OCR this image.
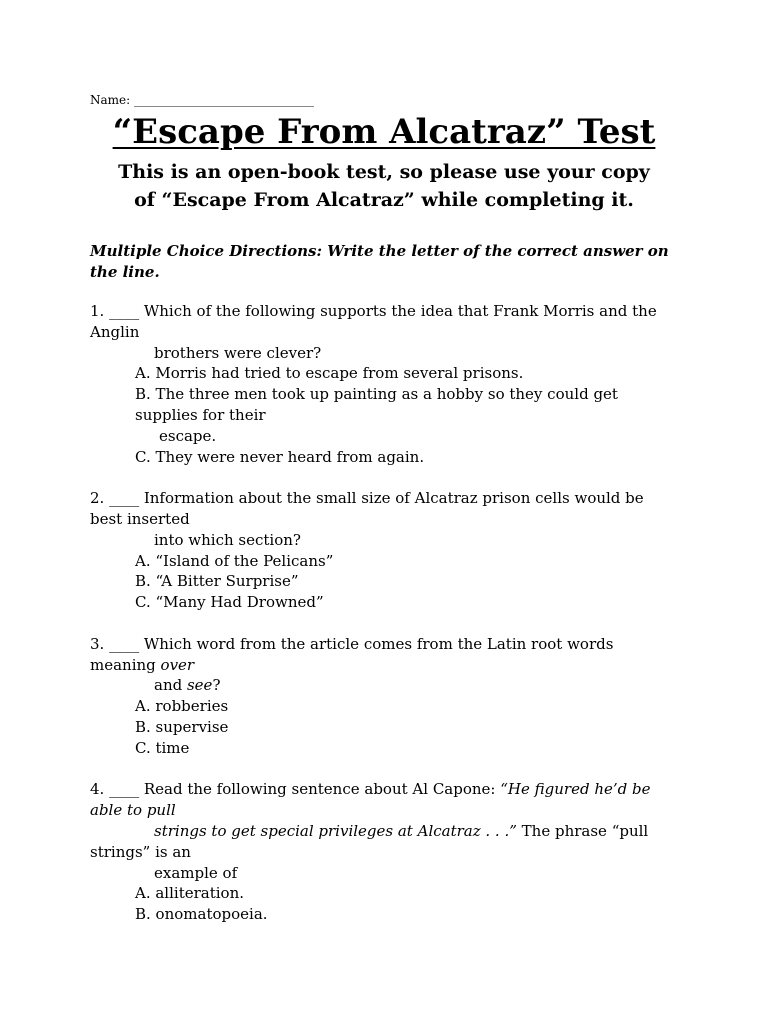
Name: ______________________________
“Escape From Alcatraz” Test
This is an open-book test, so please use your copy
of “Escape From Alcatraz” while completing it.
Multiple Choice Directions: Write the letter of the correct answer on
the line.

1. ____ Which of the following supports the idea that Frank Morris and the Anglin

brothers were clever?

A. Morris had tried to escape from several prisons.

B. The three men took up painting as a hobby so they could get supplies for their

escape.

C. They were never heard from again.

2. ____ Information about the small size of Alcatraz prison cells would be best inserted

into which section?

A. “Island of the Pelicans”

B. “A Bitter Surprise”

C. “Many Had Drowned”

3. ____ Which word from the article comes from the Latin root words meaning over

and see?

A. robberies

B. supervise

C. time

4. ____ Read the following sentence about Al Capone: “He figured he’d be able to pull

strings to get special privileges at Alcatraz . . .” The phrase “pull strings” is an

example of

A. alliteration.

B. onomatopoeia.
